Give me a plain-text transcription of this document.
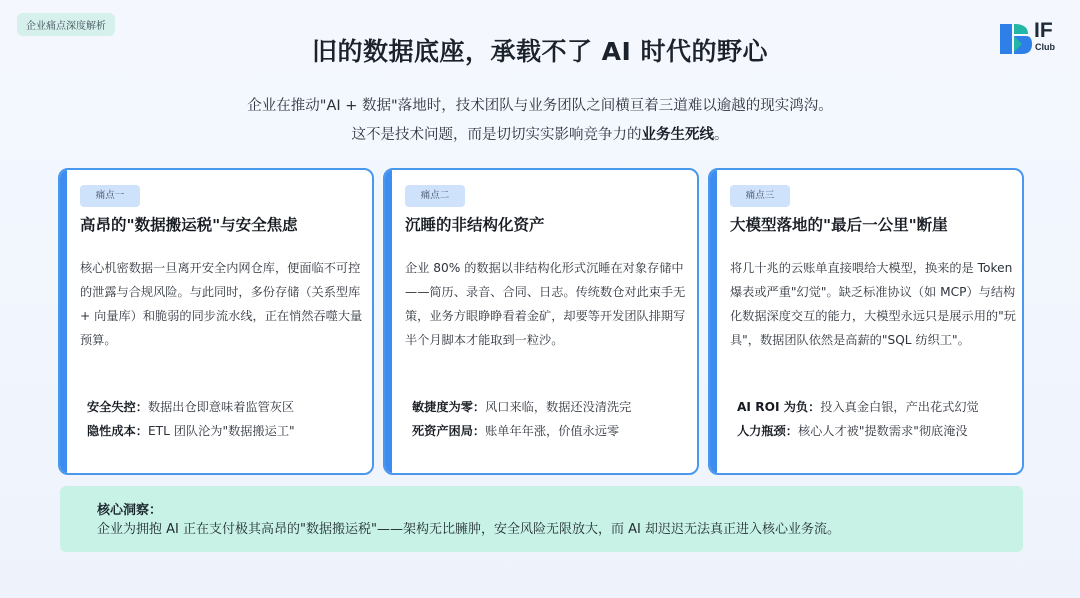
企业痛点深度解析	IF
Club
旧的数据底座，承载不了 AI 时代的野心
企业在推动"AI + 数据"落地时，技术团队与业务团队之间横亘着三道难以逾越的现实鸿沟。
这不是技术问题，而是切切实实影响竞争力的业务生死线。
痛点一
高昂的"数据搬运税"与安全焦虑
核心机密数据一旦离开安全内网仓库，便面临不可控的泄露与合规风险。与此同时，多份存储（关系型库 + 向量库）和脆弱的同步流水线，正在悄然吞噬大量预算。
安全失控：数据出仓即意味着监管灰区
隐性成本：ETL 团队沦为"数据搬运工"
痛点二
沉睡的非结构化资产
企业 80% 的数据以非结构化形式沉睡在对象存储中——简历、录音、合同、日志。传统数仓对此束手无策，业务方眼睁睁看着金矿，却要等开发团队排期写半个月脚本才能取到一粒沙。
敏捷度为零：风口来临，数据还没清洗完
死资产困局：账单年年涨，价值永远零
痛点三
大模型落地的"最后一公里"断崖
将几十兆的云账单直接喂给大模型，换来的是 Token 爆表或严重"幻觉"。缺乏标准协议（如 MCP）与结构化数据深度交互的能力，大模型永远只是展示用的"玩具"，数据团队依然是高薪的"SQL 纺织工"。
AI ROI 为负：投入真金白银，产出花式幻觉
人力瓶颈：核心人才被"提数需求"彻底淹没
核心洞察：
企业为拥抱 AI 正在支付极其高昂的"数据搬运税"——架构无比臃肿，安全风险无限放大，而 AI 却迟迟无法真正进入核心业务流。
